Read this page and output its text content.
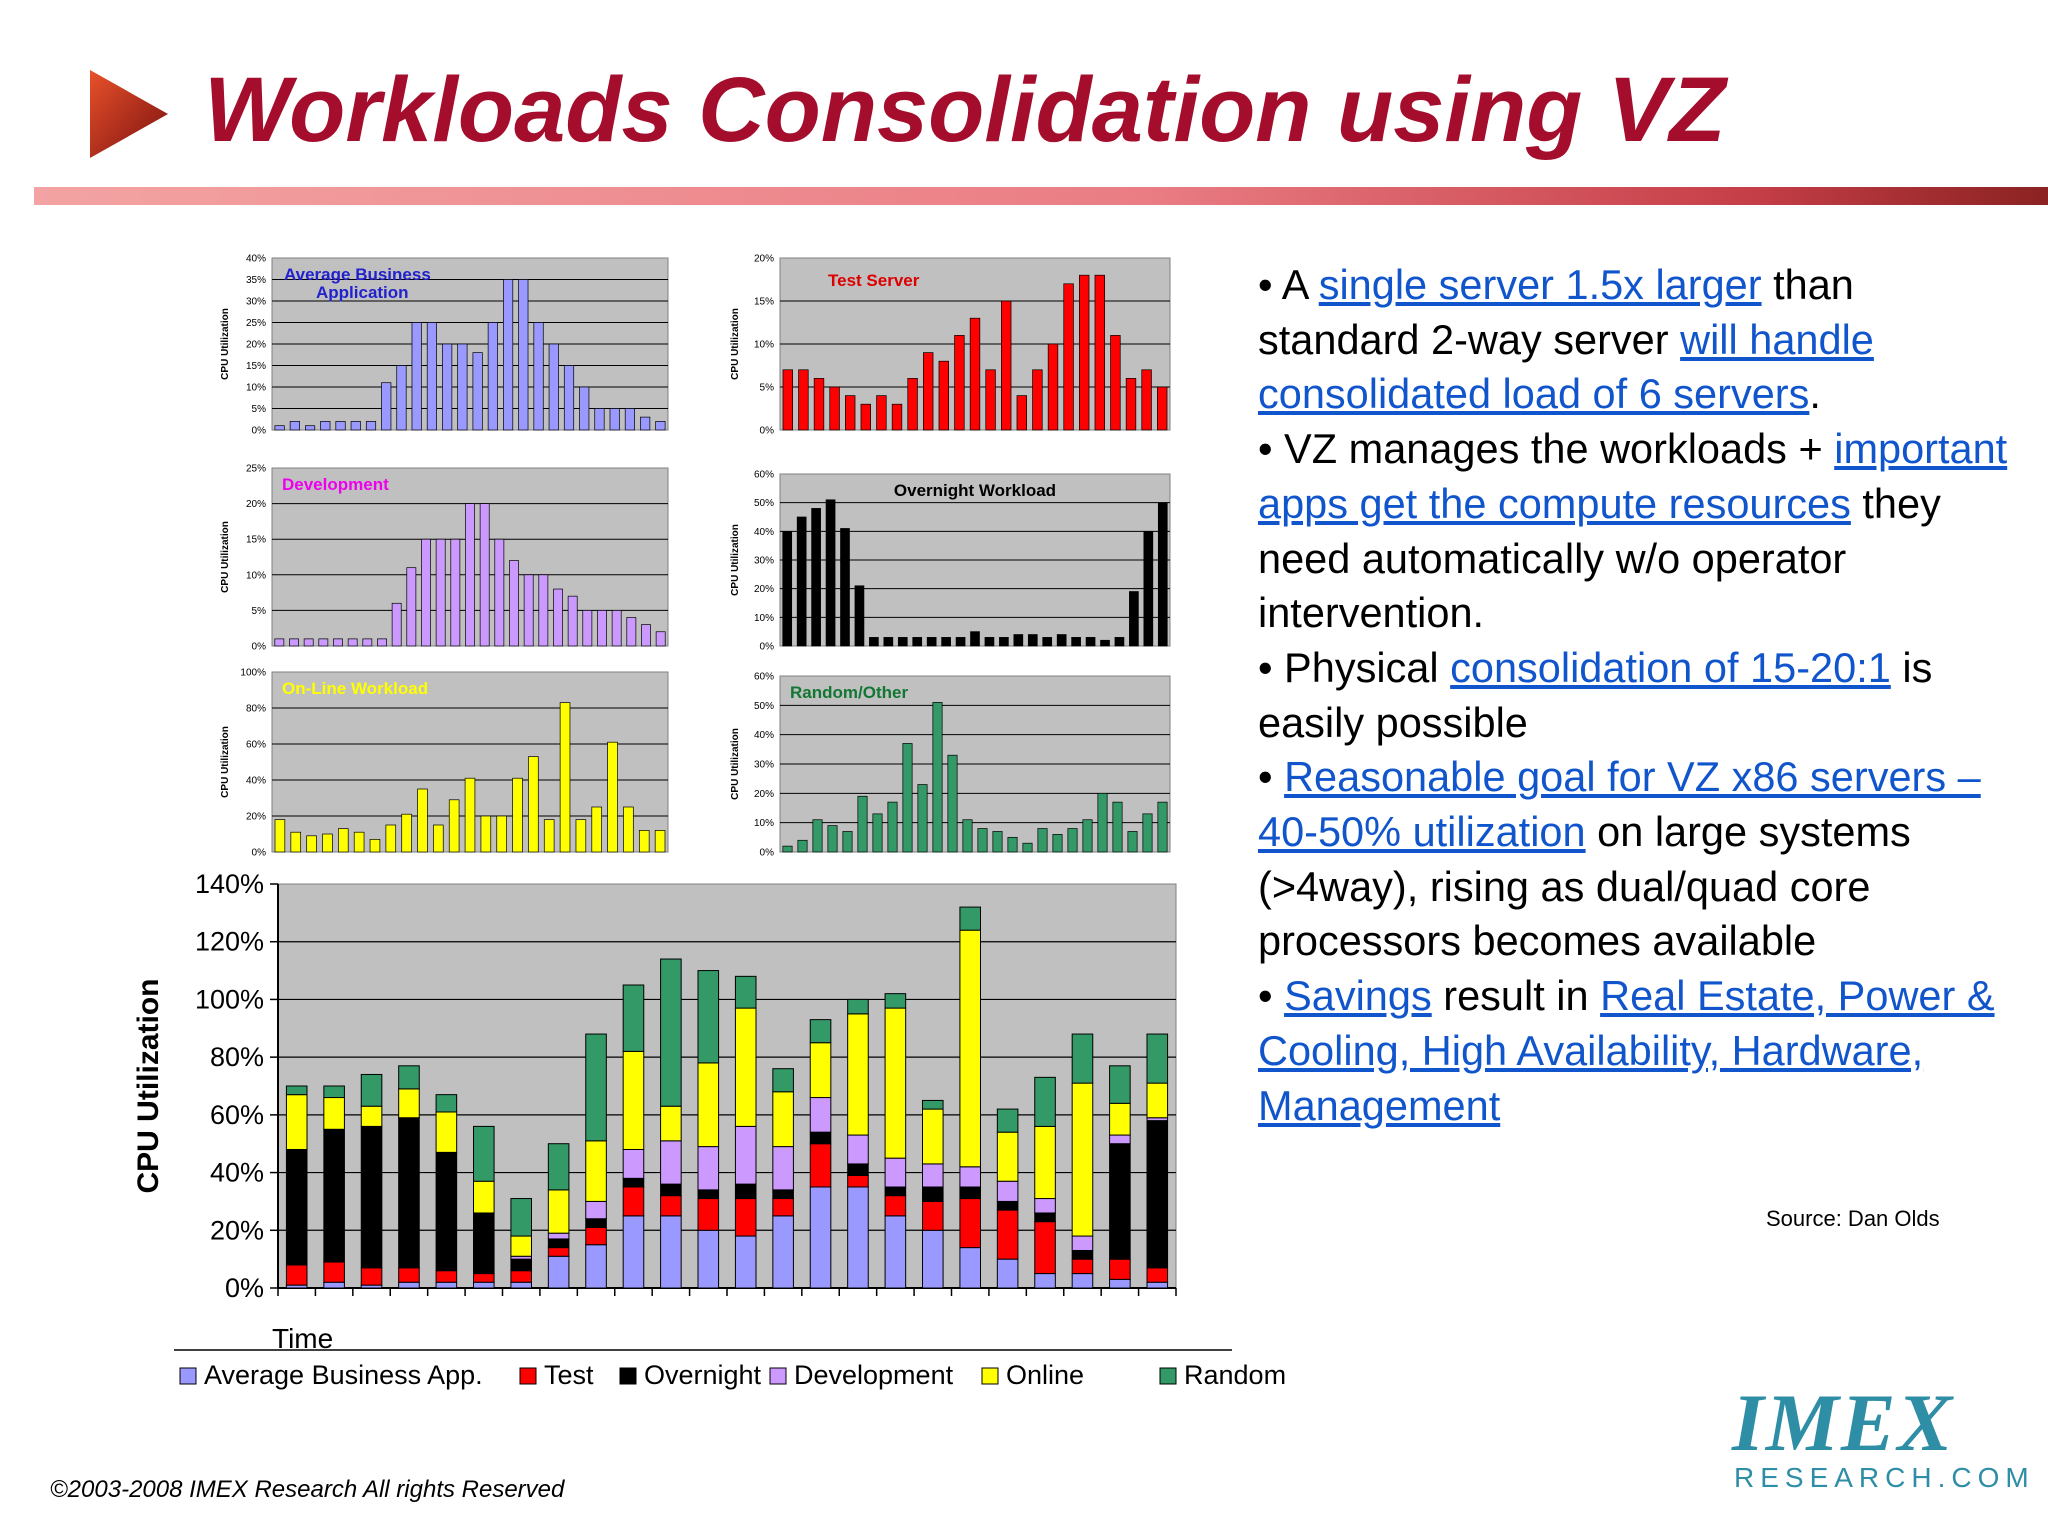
Workloads Consolidation using VZ
0%
5%
10%
15%
20%
25%
30%
35%
40%
CPU Utilization
Average Business Application
0%
5%
10%
15%
20%
CPU Utilization
Test Server
0%
5%
10%
15%
20%
25%
CPU Utilization
Development
0%
10%
20%
30%
40%
50%
60%
CPU Utilization
Overnight Workload
0%
20%
40%
60%
80%
100%
CPU Utilization
On-Line Workload
0%
10%
20%
30%
40%
50%
60%
CPU Utilization
Random/Other

• A single server 1.5x larger than standard 2-way server will handle consolidated load of 6 servers.

• VZ manages the workloads + important apps get the compute resources they need automatically w/o operator intervention.

• Physical consolidation of 15-20:1 is easily possible

• Reasonable goal for VZ x86 servers – 40-50% utilization on large systems (>4way), rising as dual/quad core processors becomes available

• Savings result in Real Estate, Power & Cooling, High Availability, Hardware, Management

Source: Dan Olds
IMEX
RESEARCH.COM
©2003-2008 IMEX Research All rights Reserved
0%
20%
40%
60%
80%
100%
120%
140%
CPU Utilization
Time
Average Business App. Test Overnight Development Online	Random
